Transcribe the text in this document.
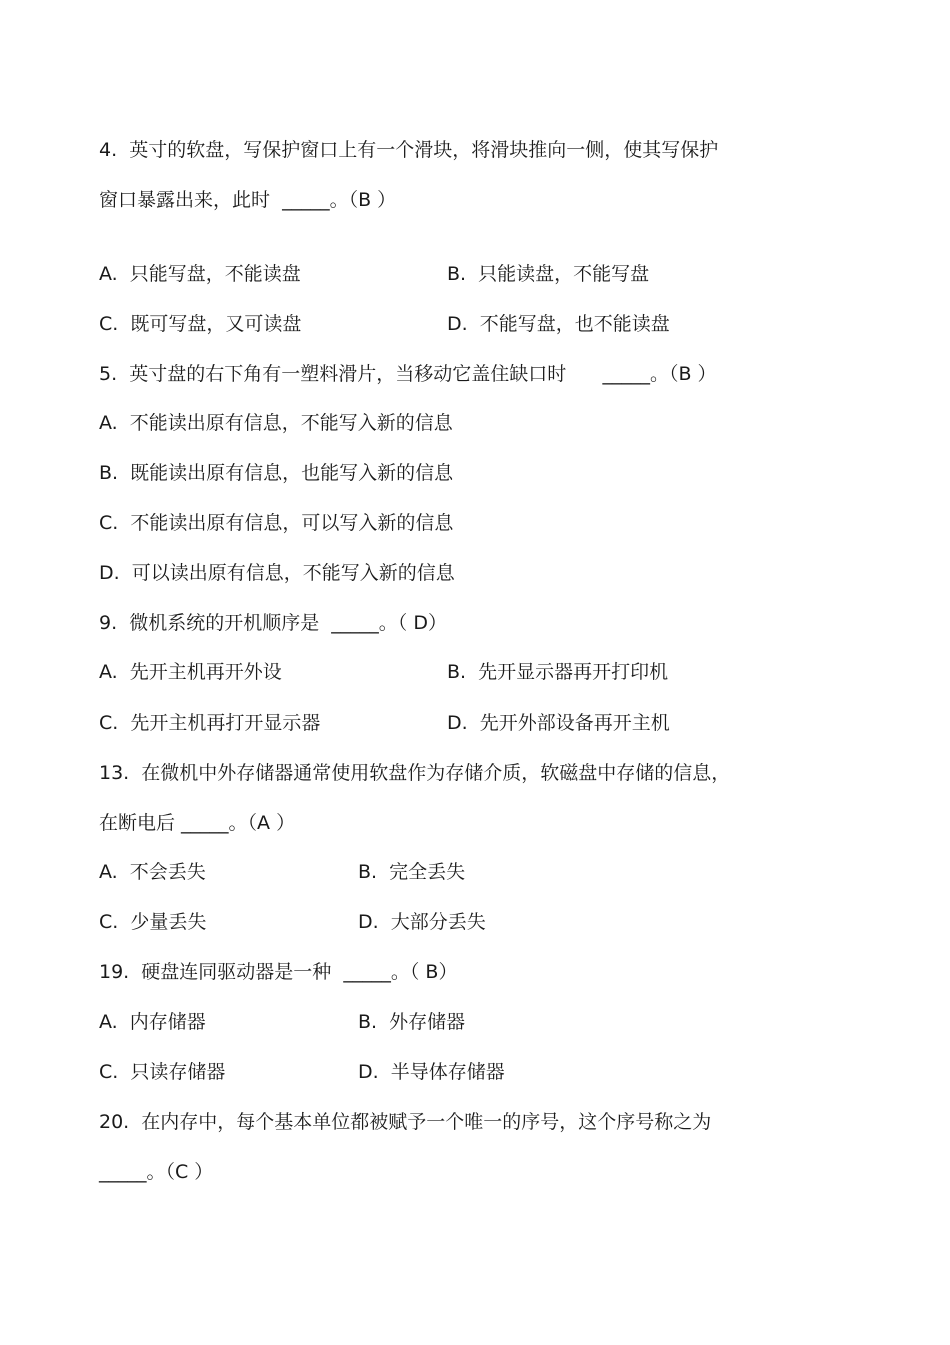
4.  英寸的软盘，写保护窗口上有一个滑块，将滑块推向一侧，使其写保护
窗口暴露出来，此时  _____。（B ）
A.  只能写盘，不能读盘	B.  只能读盘，不能写盘
C.  既可写盘，又可读盘	D.  不能写盘，也不能读盘
5.  英寸盘的右下角有一塑料滑片，当移动它盖住缺口时      _____。（B ）
A.  不能读出原有信息，不能写入新的信息
B.  既能读出原有信息，也能写入新的信息
C.  不能读出原有信息，可以写入新的信息
D.  可以读出原有信息，不能写入新的信息
9.  微机系统的开机顺序是  _____。（ D）
A.  先开主机再开外设	B.  先开显示器再开打印机
C.  先开主机再打开显示器	D.  先开外部设备再开主机
13.  在微机中外存储器通常使用软盘作为存储介质，软磁盘中存储的信息，
在断电后 _____。（A ）
A.  不会丢失	B.  完全丢失
C.  少量丢失	D.  大部分丢失
19.  硬盘连同驱动器是一种  _____。（ B）
A.  内存储器	B.  外存储器
C.  只读存储器	D.  半导体存储器
20.  在内存中，每个基本单位都被赋予一个唯一的序号，这个序号称之为
_____。（C ）
